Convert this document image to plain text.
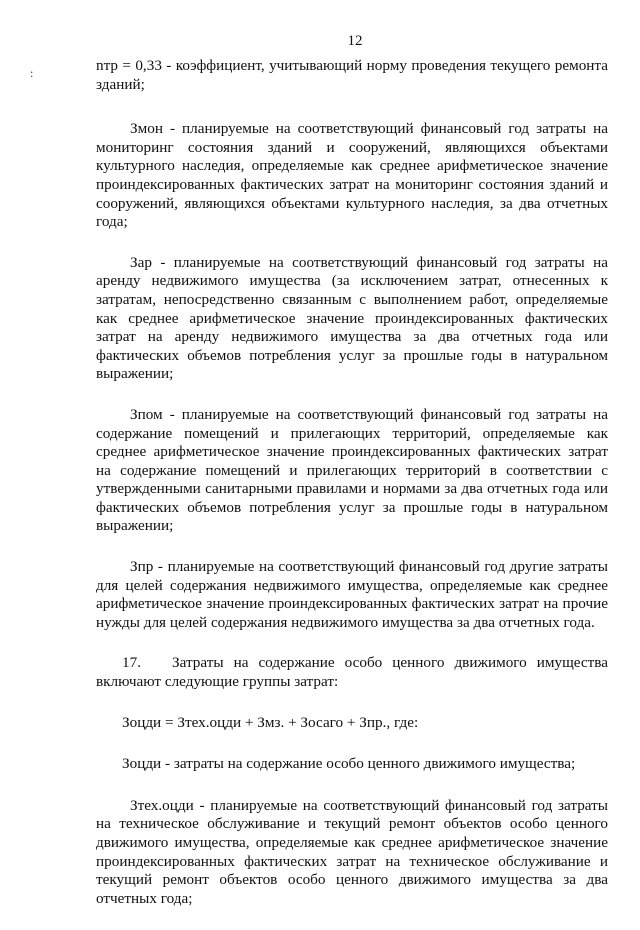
12
:	nтр = 0,33 - коэффициент, учитывающий норму проведения текущего ремонта зданий;

Змон - планируемые на соответствующий финансовый год затраты на мониторинг состояния зданий и сооружений, являющихся объектами культурного наследия, определяемые как среднее арифметическое значение проиндексированных фактических затрат на мониторинг состояния зданий и сооружений, являющихся объектами культурного наследия, за два отчетных года;

Зар - планируемые на соответствующий финансовый год затраты на аренду недвижимого имущества (за исключением затрат, отнесенных к затратам, непосредственно связанным с выполнением работ, определяемые как среднее арифметическое значение проиндексированных фактических затрат на аренду недвижимого имущества за два отчетных года или фактических объемов потребления услуг за прошлые годы в натуральном выражении;

Зпом - планируемые на соответствующий финансовый год затраты на содержание помещений и прилегающих территорий, определяемые как среднее арифметическое значение проиндексированных фактических затрат на содержание помещений и прилегающих территорий в соответствии с утвержденными санитарными правилами и нормами за два отчетных года или фактических объемов потребления услуг за прошлые годы в натуральном выражении;

Зпр - планируемые на соответствующий финансовый год другие затраты для целей содержания недвижимого имущества, определяемые как среднее арифметическое значение проиндексированных фактических затрат на прочие нужды для целей содержания недвижимого имущества за два отчетных года.

17. Затраты на содержание особо ценного движимого имущества включают следующие группы затрат:

Зоцди = Зтех.оцди + Змз. + Зосаго + Зпр., где:

Зоцди - затраты на содержание особо ценного движимого имущества;

Зтех.оцди - планируемые на соответствующий финансовый год затраты на техническое обслуживание и текущий ремонт объектов особо ценного движимого имущества, определяемые как среднее арифметическое значение проиндексированных фактических затрат на техническое обслуживание и текущий ремонт объектов особо ценного движимого имущества за два отчетных года;
